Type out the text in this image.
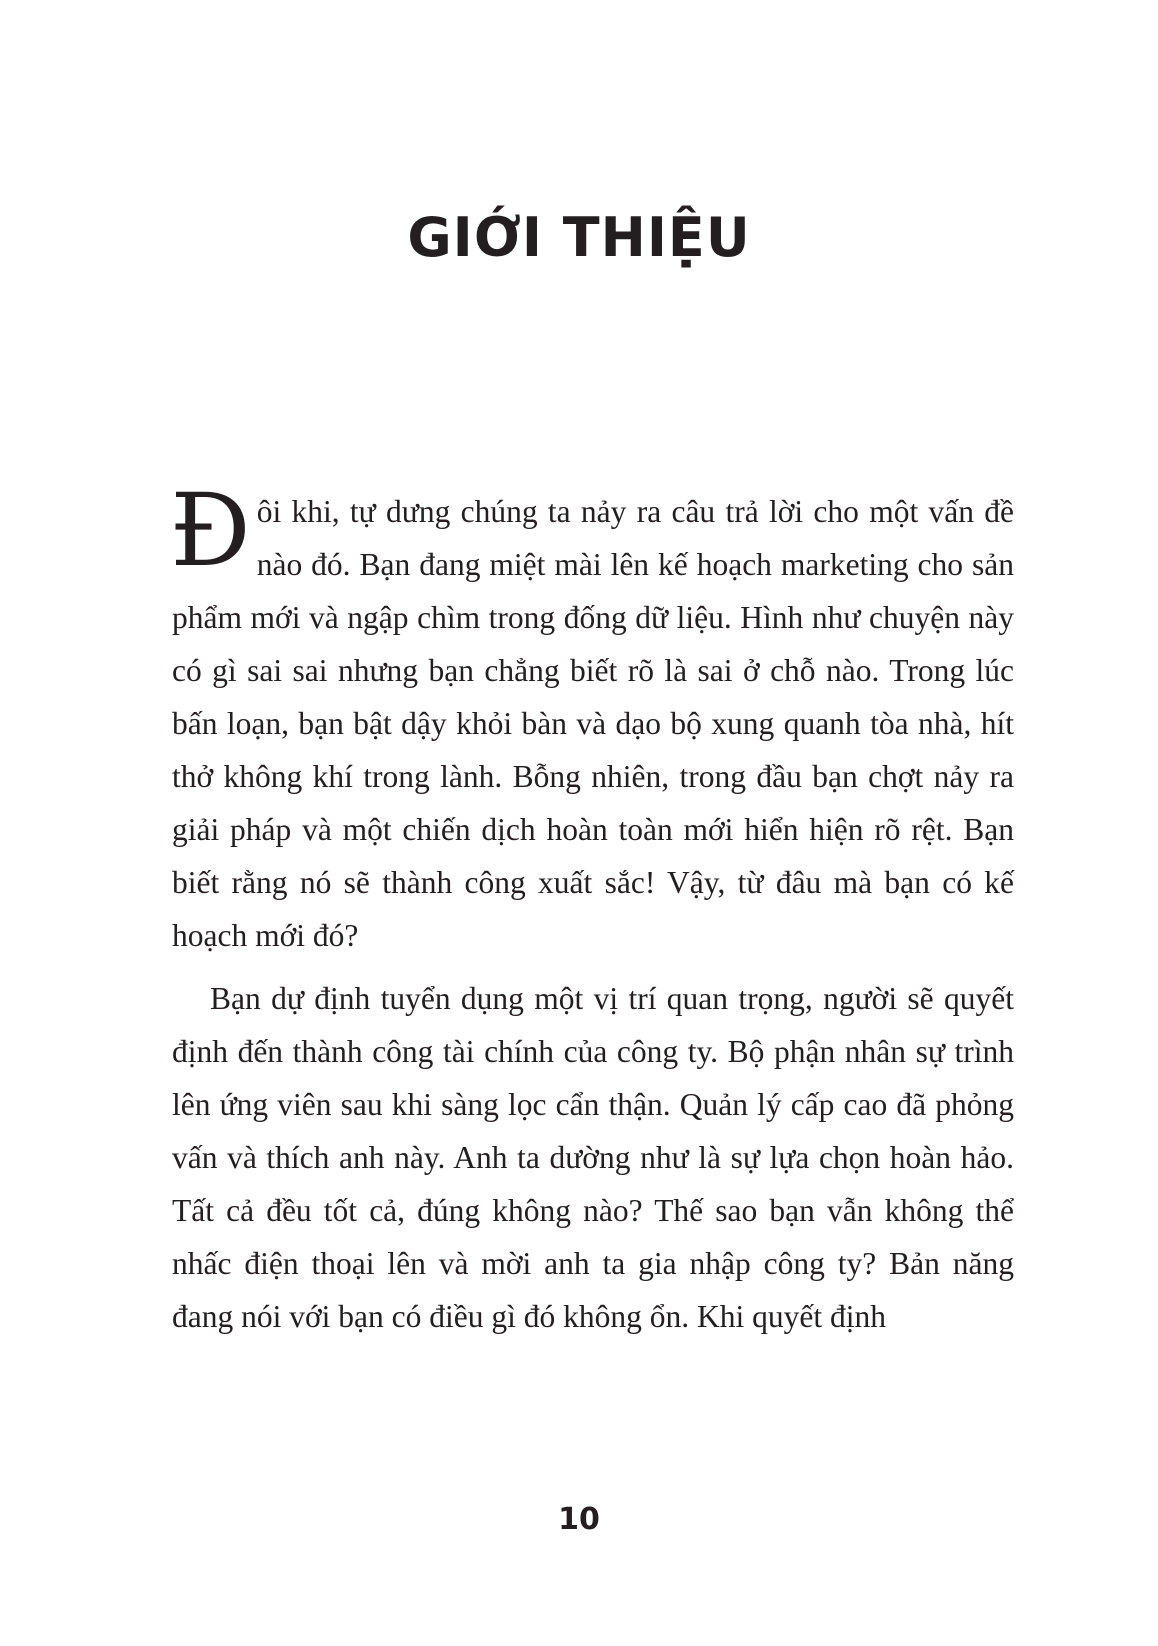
GIỚI THIỆU

Đôi khi, tự dưng chúng ta nảy ra câu trả lời cho một vấn đề nào đó. Bạn đang miệt mài lên kế hoạch marketing cho sản phẩm mới và ngập chìm trong đống dữ liệu. Hình như chuyện này có gì sai sai nhưng bạn chẳng biết rõ là sai ở chỗ nào. Trong lúc bấn loạn, bạn bật dậy khỏi bàn và dạo bộ xung quanh tòa nhà, hít thở không khí trong lành. Bỗng nhiên, trong đầu bạn chợt nảy ra giải pháp và một chiến dịch hoàn toàn mới hiển hiện rõ rệt. Bạn biết rằng nó sẽ thành công xuất sắc! Vậy, từ đâu mà bạn có kế hoạch mới đó?

Bạn dự định tuyển dụng một vị trí quan trọng, người sẽ quyết định đến thành công tài chính của công ty. Bộ phận nhân sự trình lên ứng viên sau khi sàng lọc cẩn thận. Quản lý cấp cao đã phỏng vấn và thích anh này. Anh ta dường như là sự lựa chọn hoàn hảo. Tất cả đều tốt cả, đúng không nào? Thế sao bạn vẫn không thể nhấc điện thoại lên và mời anh ta gia nhập công ty? Bản năng đang nói với bạn có điều gì đó không ổn. Khi quyết định

10
